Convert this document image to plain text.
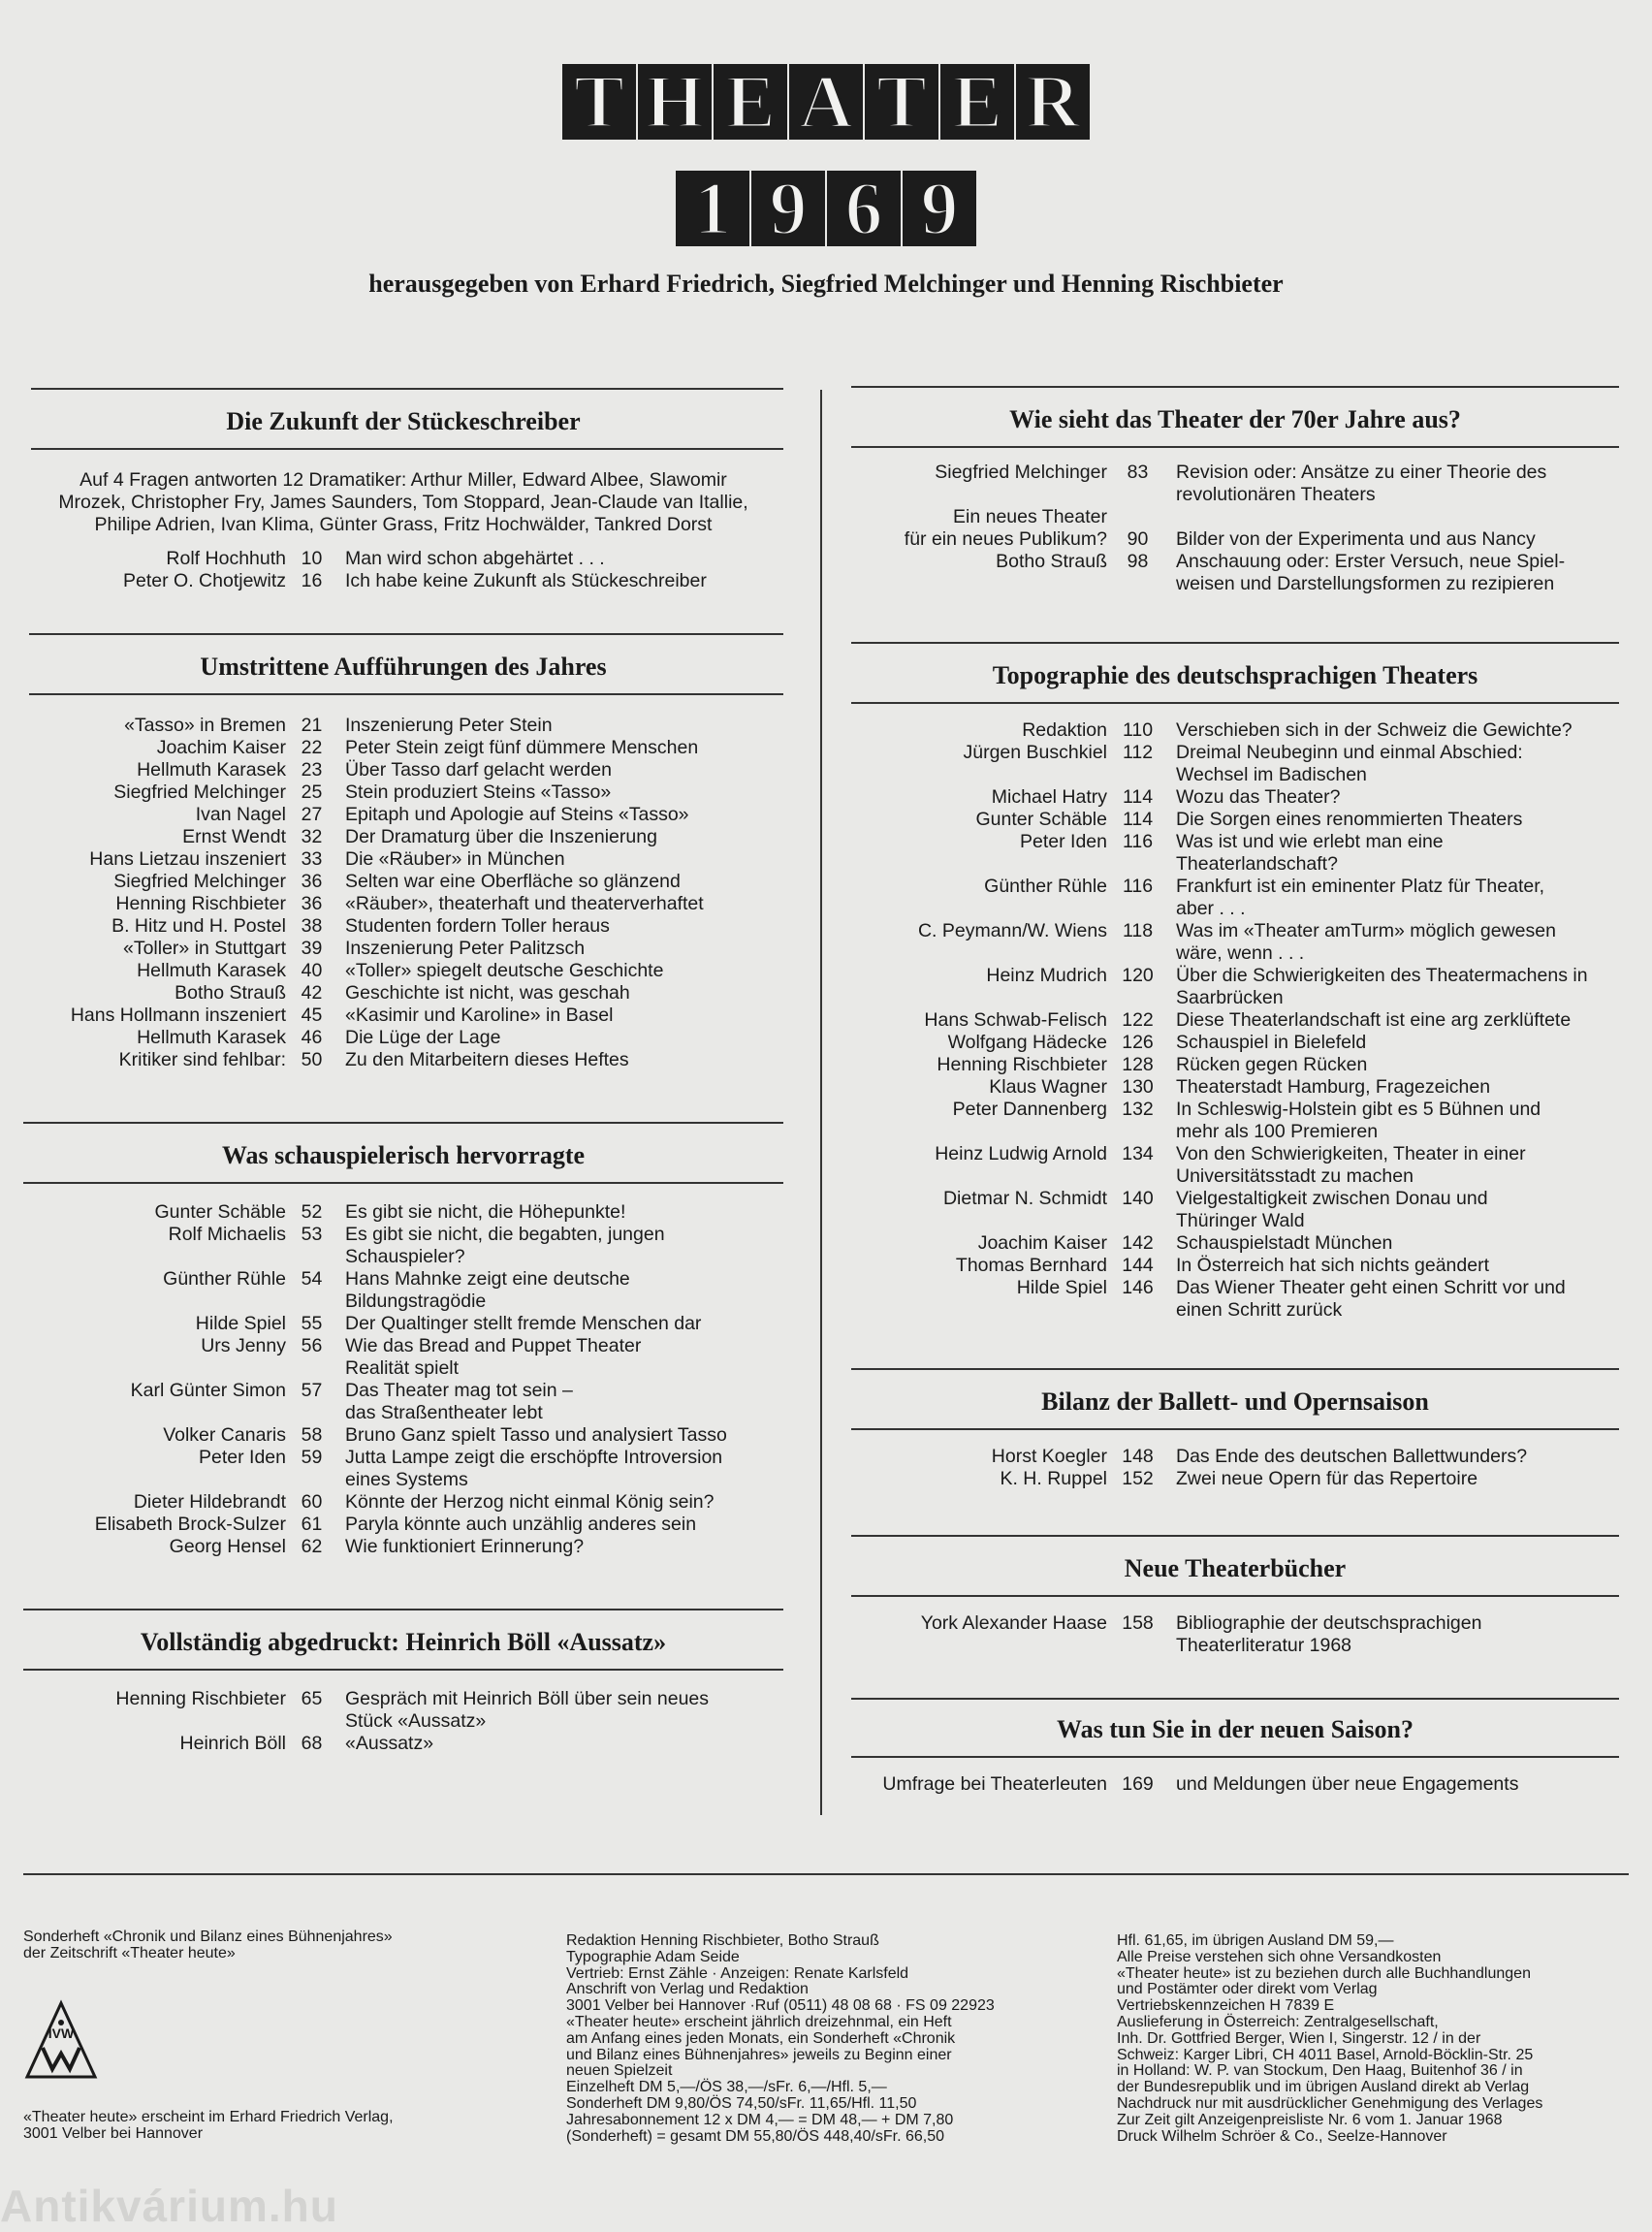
T H E A T E R
1 9 6 9
herausgegeben von Erhard Friedrich, Siegfried Melchinger und Henning Rischbieter
Die Zukunft der Stückeschreiber
Auf 4 Fragen antworten 12 Dramatiker: Arthur Miller, Edward Albee, Slawomir
Mrozek, Christopher Fry, James Saunders, Tom Stoppard, Jean-Claude van Itallie,
Philipe Adrien, Ivan Klima, Günter Grass, Fritz Hochwälder, Tankred Dorst
Rolf Hochhuth 10	Man wird schon abgehärtet . . .
Peter O. Chotjewitz 16	Ich habe keine Zukunft als Stückeschreiber
Umstrittene Aufführungen des Jahres
«Tasso» in Bremen 21	Inszenierung Peter Stein
Joachim Kaiser 22	Peter Stein zeigt fünf dümmere Menschen
Hellmuth Karasek 23	Über Tasso darf gelacht werden
Siegfried Melchinger 25	Stein produziert Steins «Tasso»
Ivan Nagel 27	Epitaph und Apologie auf Steins «Tasso»
Ernst Wendt 32	Der Dramaturg über die Inszenierung
Hans Lietzau inszeniert 33	Die «Räuber» in München
Siegfried Melchinger 36	Selten war eine Oberfläche so glänzend
Henning Rischbieter 36	«Räuber», theaterhaft und theaterverhaftet
B. Hitz und H. Postel 38	Studenten fordern Toller heraus
«Toller» in Stuttgart 39	Inszenierung Peter Palitzsch
Hellmuth Karasek 40	«Toller» spiegelt deutsche Geschichte
Botho Strauß 42	Geschichte ist nicht, was geschah
Hans Hollmann inszeniert 45	«Kasimir und Karoline» in Basel
Hellmuth Karasek 46	Die Lüge der Lage
Kritiker sind fehlbar: 50	Zu den Mitarbeitern dieses Heftes
Was schauspielerisch hervorragte
Gunter Schäble 52	Es gibt sie nicht, die Höhepunkte!
Rolf Michaelis 53	Es gibt sie nicht, die begabten, jungen
Schauspieler?
Günther Rühle 54	Hans Mahnke zeigt eine deutsche
Bildungstragödie
Hilde Spiel 55	Der Qualtinger stellt fremde Menschen dar
Urs Jenny 56	Wie das Bread and Puppet Theater
Realität spielt
Karl Günter Simon 57	Das Theater mag tot sein –
das Straßentheater lebt
Volker Canaris 58	Bruno Ganz spielt Tasso und analysiert Tasso
Peter Iden 59	Jutta Lampe zeigt die erschöpfte Introversion
eines Systems
Dieter Hildebrandt 60	Könnte der Herzog nicht einmal König sein?
Elisabeth Brock-Sulzer 61	Paryla könnte auch unzählig anderes sein
Georg Hensel 62	Wie funktioniert Erinnerung?
Vollständig abgedruckt: Heinrich Böll «Aussatz»
Henning Rischbieter 65	Gespräch mit Heinrich Böll über sein neues
Stück «Aussatz»
Heinrich Böll 68	«Aussatz»
Wie sieht das Theater der 70er Jahre aus?
Siegfried Melchinger	83	Revision oder: Ansätze zu einer Theorie des
revolutionären Theaters
Ein neues Theater
für ein neues Publikum?	90	Bilder von der Experimenta und aus Nancy
Botho Strauß	98	Anschauung oder: Erster Versuch, neue Spiel-
weisen und Darstellungsformen zu rezipieren
Topographie des deutschsprachigen Theaters
Redaktion 110	Verschieben sich in der Schweiz die Gewichte?
Jürgen Buschkiel 112	Dreimal Neubeginn und einmal Abschied:
Wechsel im Badischen
Michael Hatry 114	Wozu das Theater?
Gunter Schäble 114	Die Sorgen eines renommierten Theaters
Peter Iden 116	Was ist und wie erlebt man eine
Theaterlandschaft?
Günther Rühle 116	Frankfurt ist ein eminenter Platz für Theater,
aber . . .
C. Peymann/W. Wiens 118	Was im «Theater amTurm» möglich gewesen
wäre, wenn . . .
Heinz Mudrich 120	Über die Schwierigkeiten des Theatermachens in
Saarbrücken
Hans Schwab-Felisch 122	Diese Theaterlandschaft ist eine arg zerklüftete
Wolfgang Hädecke 126	Schauspiel in Bielefeld
Henning Rischbieter 128	Rücken gegen Rücken
Klaus Wagner 130	Theaterstadt Hamburg, Fragezeichen
Peter Dannenberg 132	In Schleswig-Holstein gibt es 5 Bühnen und
mehr als 100 Premieren
Heinz Ludwig Arnold 134	Von den Schwierigkeiten, Theater in einer
Universitätsstadt zu machen
Dietmar N. Schmidt 140	Vielgestaltigkeit zwischen Donau und
Thüringer Wald
Joachim Kaiser 142	Schauspielstadt München
Thomas Bernhard 144	In Österreich hat sich nichts geändert
Hilde Spiel 146	Das Wiener Theater geht einen Schritt vor und
einen Schritt zurück
Bilanz der Ballett- und Opernsaison
Horst Koegler 148	Das Ende des deutschen Ballettwunders?
K. H. Ruppel 152	Zwei neue Opern für das Repertoire
Neue Theaterbücher
York Alexander Haase 158	Bibliographie der deutschsprachigen
Theaterliteratur 1968
Was tun Sie in der neuen Saison?
Umfrage bei Theaterleuten 169	und Meldungen über neue Engagements
Sonderheft «Chronik und Bilanz eines Bühnenjahres»
der Zeitschrift «Theater heute»
IVW
«Theater heute» erscheint im Erhard Friedrich Verlag,
3001 Velber bei Hannover
Redaktion Henning Rischbieter, Botho Strauß
Typographie Adam Seide
Vertrieb: Ernst Zähle · Anzeigen: Renate Karlsfeld
Anschrift von Verlag und Redaktion
3001 Velber bei Hannover ·Ruf (0511) 48 08 68 · FS 09 22923
«Theater heute» erscheint jährlich dreizehnmal, ein Heft
am Anfang eines jeden Monats, ein Sonderheft «Chronik
und Bilanz eines Bühnenjahres» jeweils zu Beginn einer
neuen Spielzeit
Einzelheft DM 5,—/ÖS 38,—/sFr. 6,—/Hfl. 5,—
Sonderheft DM 9,80/ÖS 74,50/sFr. 11,65/Hfl. 11,50
Jahresabonnement 12 x DM 4,— = DM 48,— + DM 7,80
(Sonderheft) = gesamt DM 55,80/ÖS 448,40/sFr. 66,50
Hfl. 61,65, im übrigen Ausland DM 59,—
Alle Preise verstehen sich ohne Versandkosten
«Theater heute» ist zu beziehen durch alle Buchhandlungen
und Postämter oder direkt vom Verlag
Vertriebskennzeichen H 7839 E
Auslieferung in Österreich: Zentralgesellschaft,
Inh. Dr. Gottfried Berger, Wien I, Singerstr. 12 / in der
Schweiz: Karger Libri, CH 4011 Basel, Arnold-Böcklin-Str. 25
in Holland: W. P. van Stockum, Den Haag, Buitenhof 36 / in
der Bundesrepublik und im übrigen Ausland direkt ab Verlag
Nachdruck nur mit ausdrücklicher Genehmigung des Verlages
Zur Zeit gilt Anzeigenpreisliste Nr. 6 vom 1. Januar 1968
Druck Wilhelm Schröer & Co., Seelze-Hannover
Antikvárium.hu
